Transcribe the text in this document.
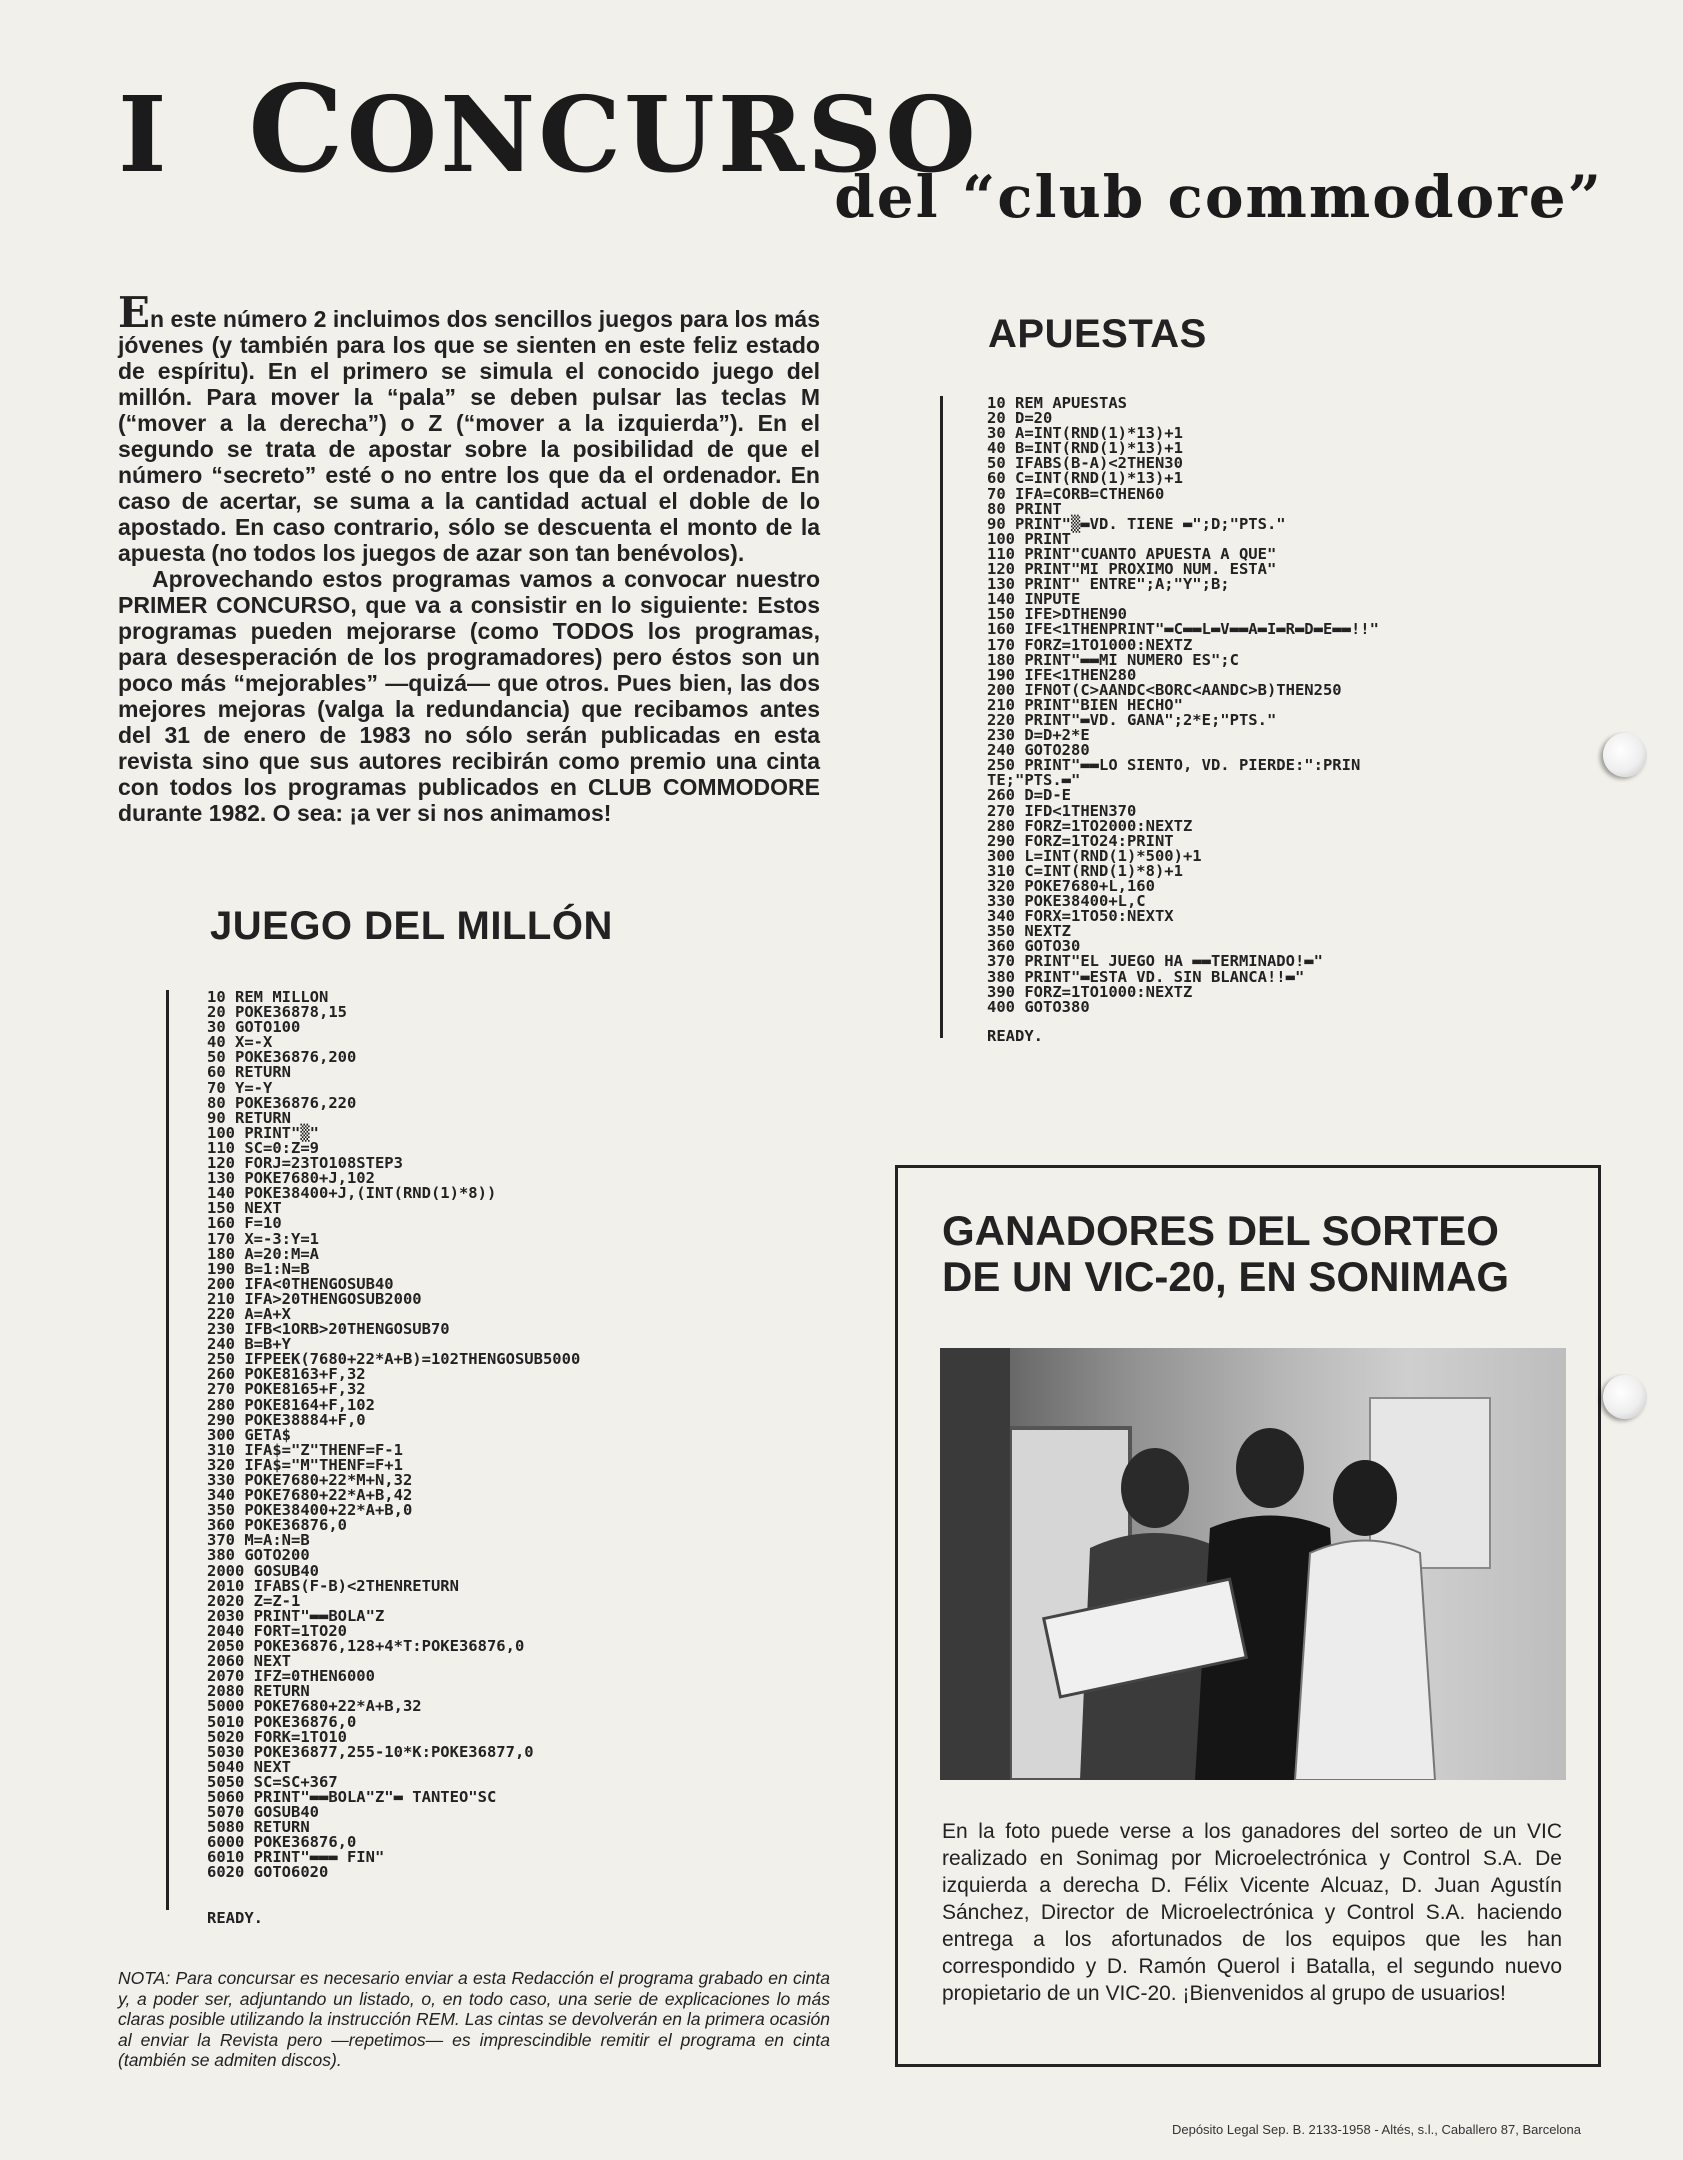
I CONCURSO
del “club commodore”

En este número 2 incluimos dos sencillos juegos para los más jóvenes (y también para los que se sienten en este feliz estado de espíritu). En el primero se simula el conocido juego del millón. Para mover la “pala” se deben pulsar las teclas M (“mover a la derecha”) o Z (“mover a la izquierda”). En el segundo se trata de apostar sobre la posibilidad de que el número “secreto” esté o no entre los que da el ordenador. En caso de acertar, se suma a la cantidad actual el doble de lo apostado. En caso contrario, sólo se descuenta el monto de la apuesta (no todos los juegos de azar son tan benévolos).

Aprovechando estos programas vamos a convocar nuestro PRIMER CONCURSO, que va a consistir en lo siguiente: Estos programas pueden mejorarse (como TODOS los programas, para desesperación de los programadores) pero éstos son un poco más “mejorables” —quizá— que otros. Pues bien, las dos mejores mejoras (valga la redundancia) que recibamos antes del 31 de enero de 1983 no sólo serán publicadas en esta revista sino que sus autores recibirán como premio una cinta con todos los programas publicados en CLUB COMMODORE durante 1982. O sea: ¡a ver si nos animamos!

JUEGO DEL MILLÓN
10 REM MILLON
20 POKE36878,15
30 GOTO100
40 X=-X
50 POKE36876,200
60 RETURN
70 Y=-Y
80 POKE36876,220
90 RETURN
100 PRINT"▒"
110 SC=0:Z=9
120 FORJ=23TO108STEP3
130 POKE7680+J,102
140 POKE38400+J,(INT(RND(1)*8))
150 NEXT
160 F=10
170 X=-3:Y=1
180 A=20:M=A
190 B=1:N=B
200 IFA<0THENGOSUB40
210 IFA>20THENGOSUB2000
220 A=A+X
230 IFB<1ORB>20THENGOSUB70
240 B=B+Y
250 IFPEEK(7680+22*A+B)=102THENGOSUB5000
260 POKE8163+F,32
270 POKE8165+F,32
280 POKE8164+F,102
290 POKE38884+F,0
300 GETA$
310 IFA$="Z"THENF=F-1
320 IFA$="M"THENF=F+1
330 POKE7680+22*M+N,32
340 POKE7680+22*A+B,42
350 POKE38400+22*A+B,0
360 POKE36876,0
370 M=A:N=B
380 GOTO200
2000 GOSUB40
2010 IFABS(F-B)<2THENRETURN
2020 Z=Z-1
2030 PRINT"▬▬BOLA"Z
2040 FORT=1TO20
2050 POKE36876,128+4*T:POKE36876,0
2060 NEXT
2070 IFZ=0THEN6000
2080 RETURN
5000 POKE7680+22*A+B,32
5010 POKE36876,0
5020 FORK=1TO10
5030 POKE36877,255-10*K:POKE36877,0
5040 NEXT
5050 SC=SC+367
5060 PRINT"▬▬BOLA"Z"▬ TANTEO"SC
5070 GOSUB40
5080 RETURN
6000 POKE36876,0
6010 PRINT"▬▬▬ FIN"
6020 GOTO6020
READY.
APUESTAS
10 REM APUESTAS
20 D=20
30 A=INT(RND(1)*13)+1
40 B=INT(RND(1)*13)+1
50 IFABS(B-A)<2THEN30
60 C=INT(RND(1)*13)+1
70 IFA=CORB=CTHEN60
80 PRINT
90 PRINT"▒▬VD. TIENE ▬";D;"PTS."
100 PRINT
110 PRINT"CUANTO APUESTA A QUE"
120 PRINT"MI PROXIMO NUM. ESTA"
130 PRINT" ENTRE";A;"Y";B;
140 INPUTE
150 IFE>DTHEN90
160 IFE<1THENPRINT"▬C▬▬L▬V▬▬A▬I▬R▬D▬E▬▬!!"
170 FORZ=1TO1000:NEXTZ
180 PRINT"▬▬MI NUMERO ES";C
190 IFE<1THEN280
200 IFNOT(C>AANDC<BORC<AANDC>B)THEN250
210 PRINT"BIEN HECHO"
220 PRINT"▬VD. GANA";2*E;"PTS."
230 D=D+2*E
240 GOTO280
250 PRINT"▬▬LO SIENTO, VD. PIERDE:":PRIN
TE;"PTS.▬"
260 D=D-E
270 IFD<1THEN370
280 FORZ=1TO2000:NEXTZ
290 FORZ=1TO24:PRINT
300 L=INT(RND(1)*500)+1
310 C=INT(RND(1)*8)+1
320 POKE7680+L,160
330 POKE38400+L,C
340 FORX=1TO50:NEXTX
350 NEXTZ
360 GOTO30
370 PRINT"EL JUEGO HA ▬▬TERMINADO!▬"
380 PRINT"▬ESTA VD. SIN BLANCA!!▬"
390 FORZ=1TO1000:NEXTZ
400 GOTO380
READY.

NOTA: Para concursar es necesario enviar a esta Redacción el programa grabado en cinta y, a poder ser, adjuntando un listado, o, en todo caso, una serie de explicaciones lo más claras posible utilizando la instrucción REM. Las cintas se devolverán en la primera ocasión al enviar la Revista pero —repetimos— es imprescindible remitir el programa en cinta (también se admiten discos).

GANADORES DEL SORTEO
DE UN VIC-20, EN SONIMAG

En la foto puede verse a los ganadores del sorteo de un VIC realizado en Sonimag por Microelectrónica y Control S.A. De izquierda a derecha D. Félix Vicente Alcuaz, D. Juan Agustín Sánchez, Director de Microelectrónica y Control S.A. haciendo entrega a los afortunados de los equipos que les han correspondido y D. Ramón Querol i Batalla, el segundo nuevo propietario de un VIC-20. ¡Bienvenidos al grupo de usuarios!

Depósito Legal Sep. B. 2133-1958 - Altés, s.l., Caballero 87, Barcelona
